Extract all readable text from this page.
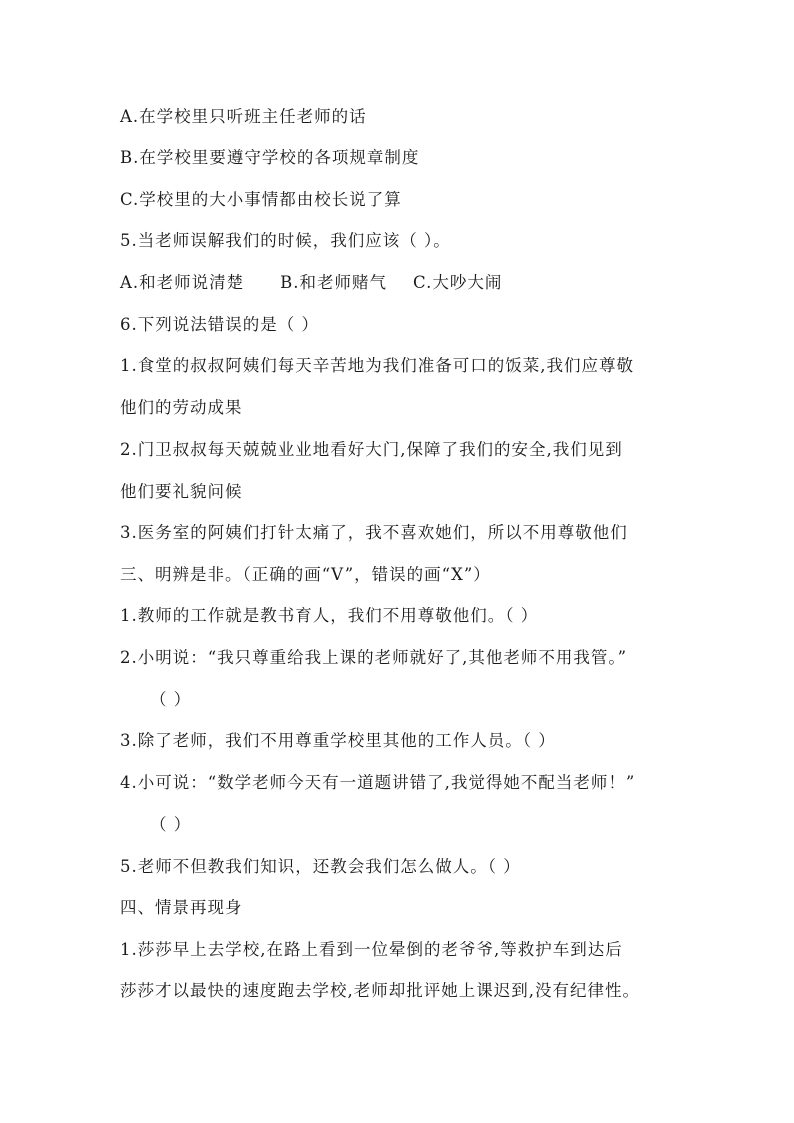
A.在学校里只听班主任老师的话
B.在学校里要遵守学校的各项规章制度
C.学校里的大小事情都由校长说了算
5.当老师误解我们的时候，我们应该（ ）。
A.和老师说清楚 B.和老师赌气 C.大吵大闹
6.下列说法错误的是（ ）
1.食堂的叔叔阿姨们每天辛苦地为我们准备可口的饭菜,我们应尊敬
他们的劳动成果
2.门卫叔叔每天兢兢业业地看好大门,保障了我们的安全,我们见到
他们要礼貌问候
3.医务室的阿姨们打针太痛了，我不喜欢她们，所以不用尊敬他们
三、明辨是非。（正确的画“V”，错误的画“X”）
1.教师的工作就是教书育人，我们不用尊敬他们。（ ）
2.小明说：“我只尊重给我上课的老师就好了,其他老师不用我管。”
（ ）
3.除了老师，我们不用尊重学校里其他的工作人员。（ ）
4.小可说：“数学老师今天有一道题讲错了,我觉得她不配当老师！”
（ ）
5.老师不但教我们知识，还教会我们怎么做人。（ ）
四、情景再现身
1.莎莎早上去学校,在路上看到一位晕倒的老爷爷,等救护车到达后
莎莎才以最快的速度跑去学校,老师却批评她上课迟到,没有纪律性。
